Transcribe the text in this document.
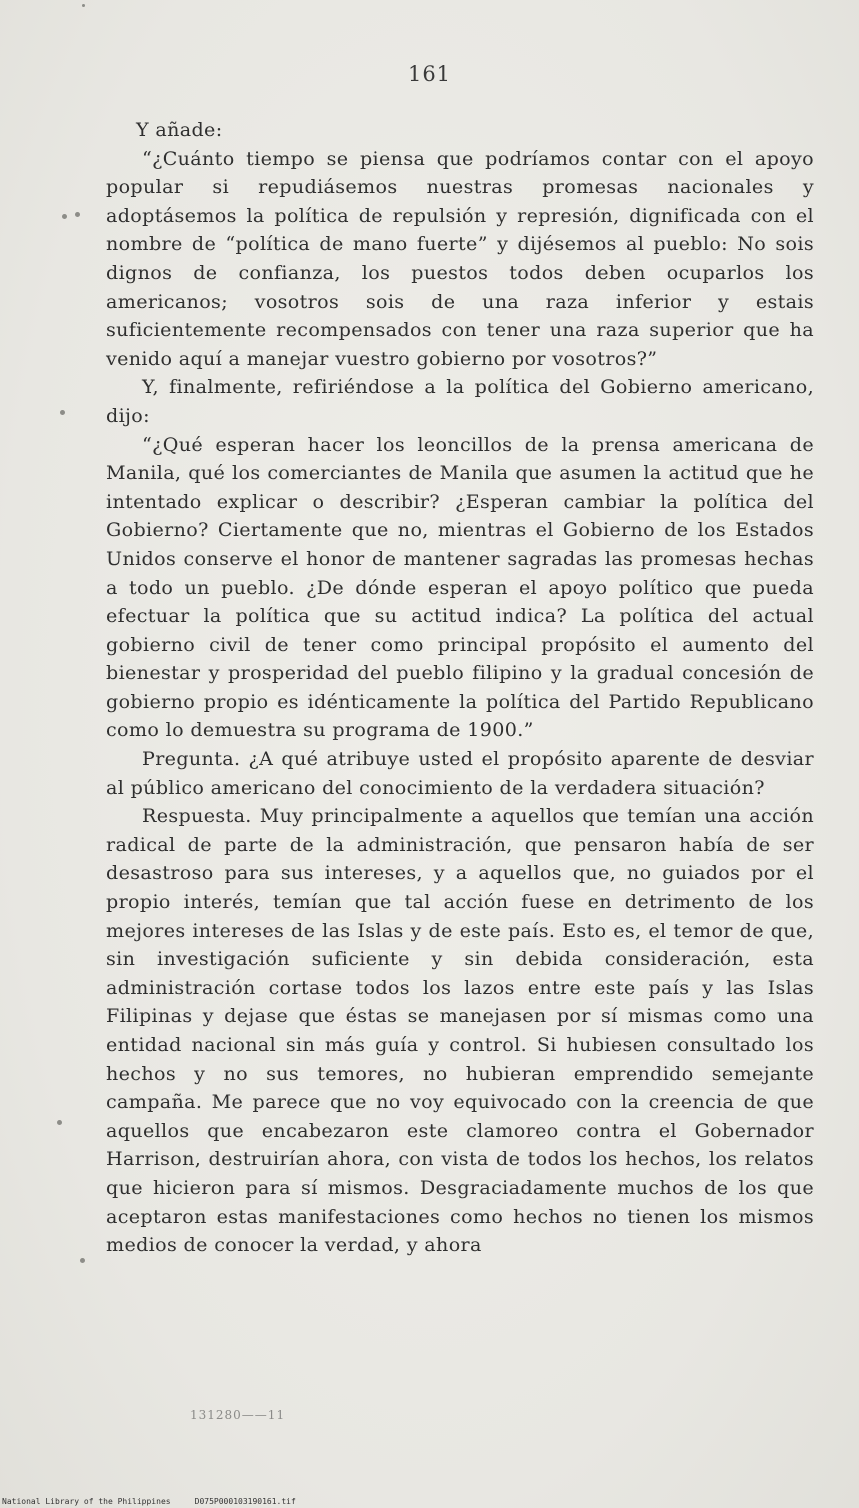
161

Y añade:

“¿Cuánto tiempo se piensa que podríamos contar con el apoyo popular si repudiásemos nuestras promesas nacionales y adoptásemos la política de repulsión y represión, dignificada con el nombre de “política de mano fuerte” y dijésemos al pueblo: No sois dignos de confianza, los puestos todos deben ocuparlos los americanos; vosotros sois de una raza inferior y estais suficientemente recompensados con tener una raza superior que ha venido aquí a manejar vuestro gobierno por vosotros?”

Y, finalmente, refiriéndose a la política del Gobierno americano, dijo:

“¿Qué esperan hacer los leoncillos de la prensa americana de Manila, qué los comerciantes de Manila que asumen la actitud que he intentado explicar o describir? ¿Esperan cambiar la política del Gobierno? Ciertamente que no, mientras el Gobierno de los Estados Unidos conserve el honor de mantener sagradas las promesas hechas a todo un pueblo. ¿De dónde esperan el apoyo político que pueda efectuar la política que su actitud indica? La política del actual gobierno civil de tener como principal propósito el aumento del bienestar y prosperidad del pueblo filipino y la gradual concesión de gobierno propio es idénticamente la política del Partido Republicano como lo demuestra su programa de 1900.”

Pregunta. ¿A qué atribuye usted el propósito aparente de desviar al público americano del conocimiento de la verdadera situación?

Respuesta. Muy principalmente a aquellos que temían una acción radical de parte de la administración, que pensaron había de ser desastroso para sus intereses, y a aquellos que, no guiados por el propio interés, temían que tal acción fuese en detrimento de los mejores intereses de las Islas y de este país. Esto es, el temor de que, sin investigación suficiente y sin debida consideración, esta administración cortase todos los lazos entre este país y las Islas Filipinas y dejase que éstas se manejasen por sí mismas como una entidad nacional sin más guía y control. Si hubiesen consultado los hechos y no sus temores, no hubieran emprendido semejante campaña. Me parece que no voy equivocado con la creencia de que aquellos que encabezaron este clamoreo contra el Gobernador Harrison, destruirían ahora, con vista de todos los hechos, los relatos que hicieron para sí mismos. Desgraciadamente muchos de los que aceptaron estas manifestaciones como hechos no tienen los mismos medios de conocer la verdad, y ahora

131280——11
National Library of the Philippines     D075P000103190161.tif
